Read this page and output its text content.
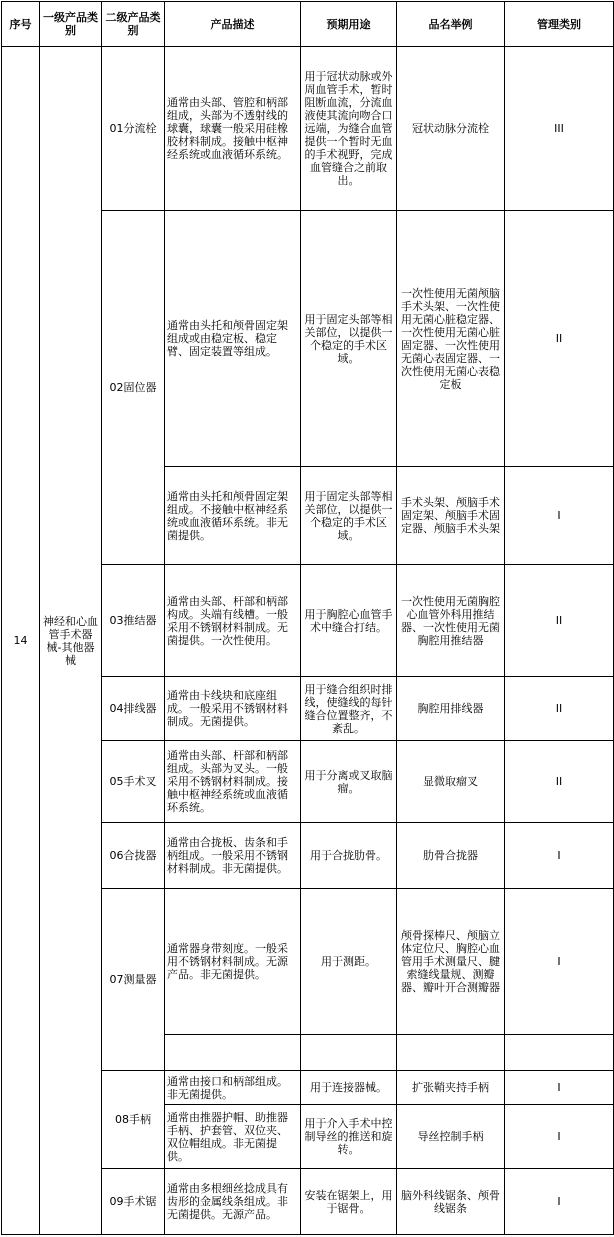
序号	一级产品类别	二级产品类别	产品描述	预期用途	品名举例	管理类别
14	神经和心血管手术器械-其他器械	01分流栓	通常由头部、管腔和柄部组成，头部为不透射线的球囊，球囊一般采用硅橡胶材料制成。接触中枢神经系统或血液循环系统。	用于冠状动脉或外周血管手术，暂时阻断血流，分流血液使其流向吻合口远端，为缝合血管提供一个暂时无血的手术视野，完成血管缝合之前取出。	冠状动脉分流栓	III
		02固位器	通常由头托和颅骨固定架组成或由稳定板、稳定臂、固定装置等组成。	用于固定头部等相关部位，以提供一个稳定的手术区域。	一次性使用无菌颅脑手术头架、一次性使用无菌心脏稳定器、一次性使用无菌心脏固定器、一次性使用无菌心表固定器、一次性使用无菌心表稳定板	II
			通常由头托和颅骨固定架组成。不接触中枢神经系统或血液循环系统。非无菌提供。	用于固定头部等相关部位，以提供一个稳定的手术区域。	手术头架、颅脑手术固定架、颅脑手术固定器、颅脑手术头架	I
		03推结器	通常由头部、杆部和柄部构成。头端有线槽。一般采用不锈钢材料制成。无菌提供。一次性使用。	用于胸腔心血管手术中缝合打结。	一次性使用无菌胸腔心血管外科用推结器、一次性使用无菌胸腔用推结器	II
		04排线器	通常由卡线块和底座组成。一般采用不锈钢材料制成。无菌提供。	用于缝合组织时排线，使缝线的每针缝合位置整齐，不紊乱。	胸腔用排线器	II
		05手术叉	通常由头部、杆部和柄部组成。头部为叉头。一般采用不锈钢材料制成。接触中枢神经系统或血液循环系统。	用于分离或叉取脑瘤。	显微取瘤叉	II
		06合拢器	通常由合拢板、齿条和手柄组成。一般采用不锈钢材料制成。非无菌提供。	用于合拢肋骨。	肋骨合拢器	I
		07测量器	通常器身带刻度。一般采用不锈钢材料制成。无源产品。非无菌提供。	用于测距。	颅骨探棒尺、颅脑立体定位尺、胸腔心血管用手术测量尺、腱索缝线量规、测瓣器、瓣叶开合测瓣器	I

		08手柄	通常由接口和柄部组成。非无菌提供。	用于连接器械。	扩张鞘夹持手柄	I
			通常由推器护帽、助推器手柄、护套管、双位夹、双位帽组成。非无菌提供。	用于介入手术中控制导丝的推送和旋转。	导丝控制手柄	I
		09手术锯	通常由多根细丝捻成具有齿形的金属线条组成。非无菌提供。无源产品。	安装在锯架上，用于锯骨。	脑外科线锯条、颅骨线锯条	I
